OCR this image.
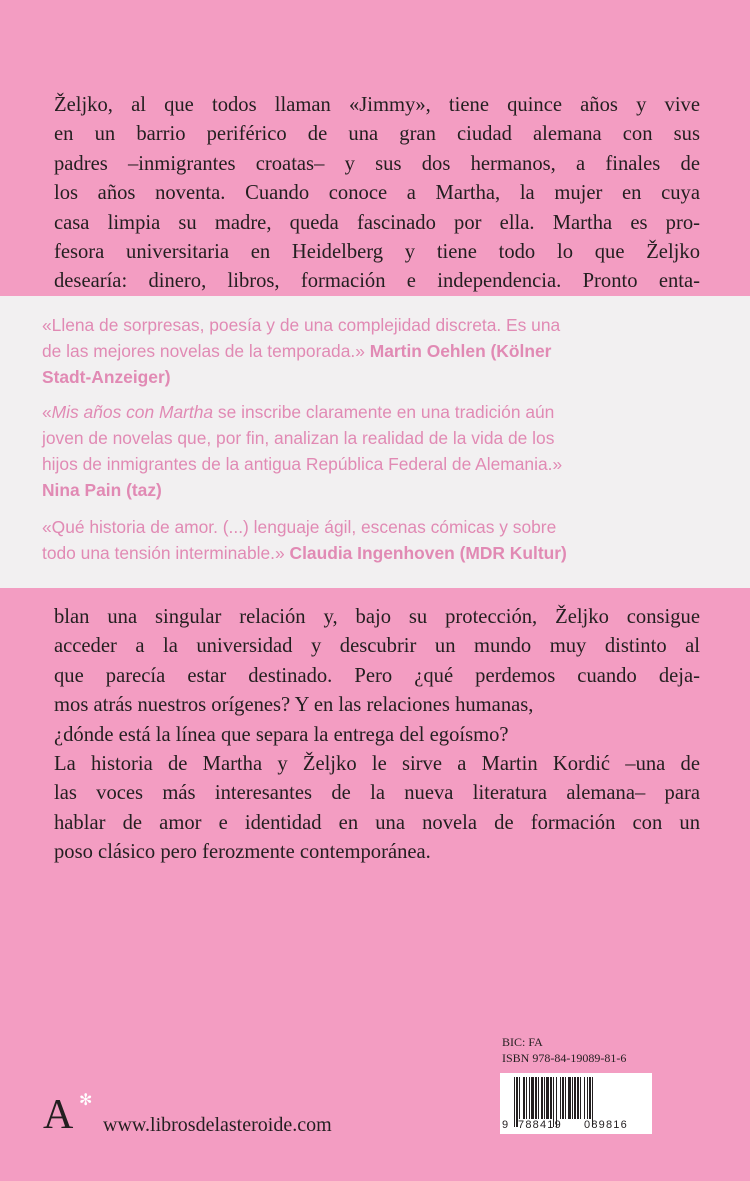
Željko, al que todos llaman «Jimmy», tiene quince años y vive
en un barrio periférico de una gran ciudad alemana con sus
padres –inmigrantes croatas– y sus dos hermanos, a finales de
los años noventa. Cuando conoce a Martha, la mujer en cuya
casa limpia su madre, queda fascinado por ella. Martha es pro-
fesora universitaria en Heidelberg y tiene todo lo que Željko
desearía: dinero, libros, formación e independencia. Pronto enta-
«Llena de sorpresas, poesía y de una complejidad discreta. Es una
de las mejores novelas de la temporada.» Martin Oehlen (Kölner
Stadt-Anzeiger)
«Mis años con Martha se inscribe claramente en una tradición aún
joven de novelas que, por fin, analizan la realidad de la vida de los
hijos de inmigrantes de la antigua República Federal de Alemania.»
Nina Pain (taz)
«Qué historia de amor. (...) lenguaje ágil, escenas cómicas y sobre
todo una tensión interminable.» Claudia Ingenhoven (MDR Kultur)
blan una singular relación y, bajo su protección, Željko consigue
acceder a la universidad y descubrir un mundo muy distinto al
que parecía estar destinado. Pero ¿qué perdemos cuando deja-
mos atrás nuestros orígenes? Y en las relaciones humanas,
¿dónde está la línea que separa la entrega del egoísmo?
La historia de Martha y Željko le sirve a Martin Kordić –una de
las voces más interesantes de la nueva literatura alemana– para
hablar de amor e identidad en una novela de formación con un
poso clásico pero ferozmente contemporánea.
A ✻
www.librosdelasteroide.com
BIC: FA
ISBN 978-84-19089-81-6
9 788419 089816
